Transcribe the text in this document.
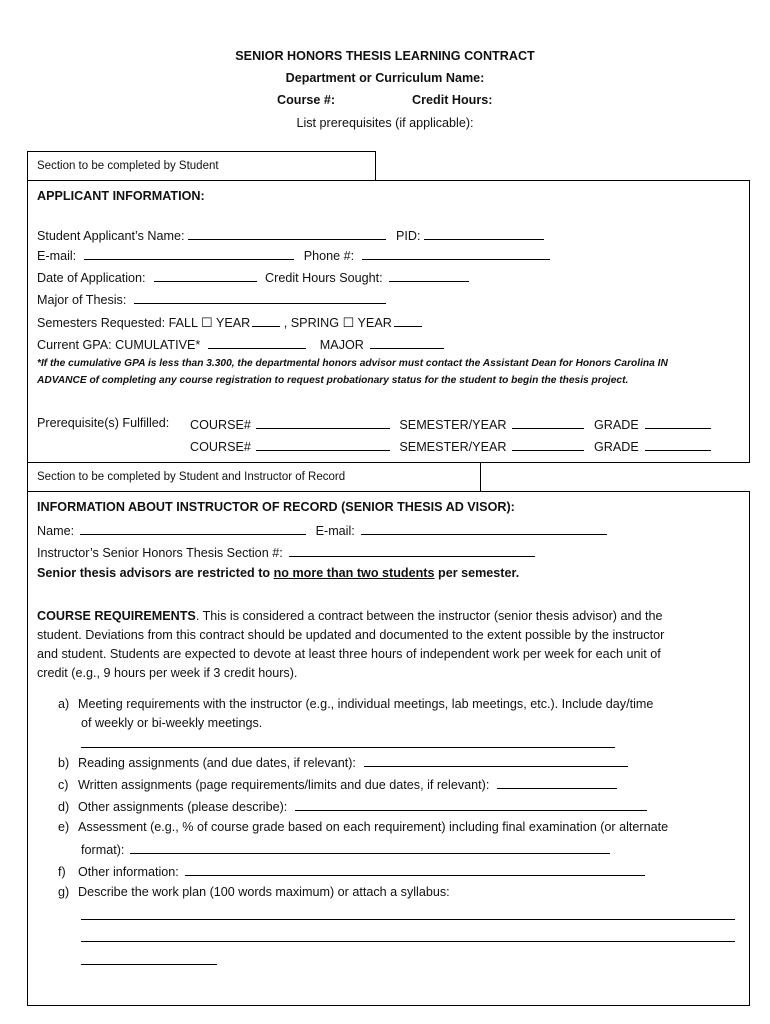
SENIOR HONORS THESIS LEARNING CONTRACT
Department or Curriculum Name:
Course #:	Credit Hours:
List prerequisites (if applicable):
Section to be completed by Student
APPLICANT INFORMATION:
Student Applicant’s Name:	PID:
E-mail:	Phone #:
Date of Application:	Credit Hours Sought:
Major of Thesis:
Semesters Requested: FALL ☐ YEAR	, SPRING ☐ YEAR
Current GPA: CUMULATIVE*	MAJOR
*If the cumulative GPA is less than 3.300, the departmental honors advisor must contact the Assistant Dean for Honors Carolina IN
ADVANCE of completing any course registration to request probationary status for the student to begin the thesis project.
Prerequisite(s) Fulfilled: COURSE#	SEMESTER/YEAR	GRADE
COURSE#	SEMESTER/YEAR	GRADE
Section to be completed by Student and Instructor of Record
INFORMATION ABOUT INSTRUCTOR OF RECORD (SENIOR THESIS AD VISOR):
Name:	E-mail:
Instructor’s Senior Honors Thesis Section #:
Senior thesis advisors are restricted to no more than two students per semester.
COURSE REQUIREMENTS. This is considered a contract between the instructor (senior thesis advisor) and the
student. Deviations from this contract should be updated and documented to the extent possible by the instructor
and student. Students are expected to devote at least three hours of independent work per week for each unit of
credit (e.g., 9 hours per week if 3 credit hours).
a) Meeting requirements with the instructor (e.g., individual meetings, lab meetings, etc.). Include day/time
of weekly or bi-weekly meetings.
b) Reading assignments (and due dates, if relevant):
c) Written assignments (page requirements/limits and due dates, if relevant):
d) Other assignments (please describe):
e) Assessment (e.g., % of course grade based on each requirement) including final examination (or alternate
format):
f) Other information:
g) Describe the work plan (100 words maximum) or attach a syllabus:
